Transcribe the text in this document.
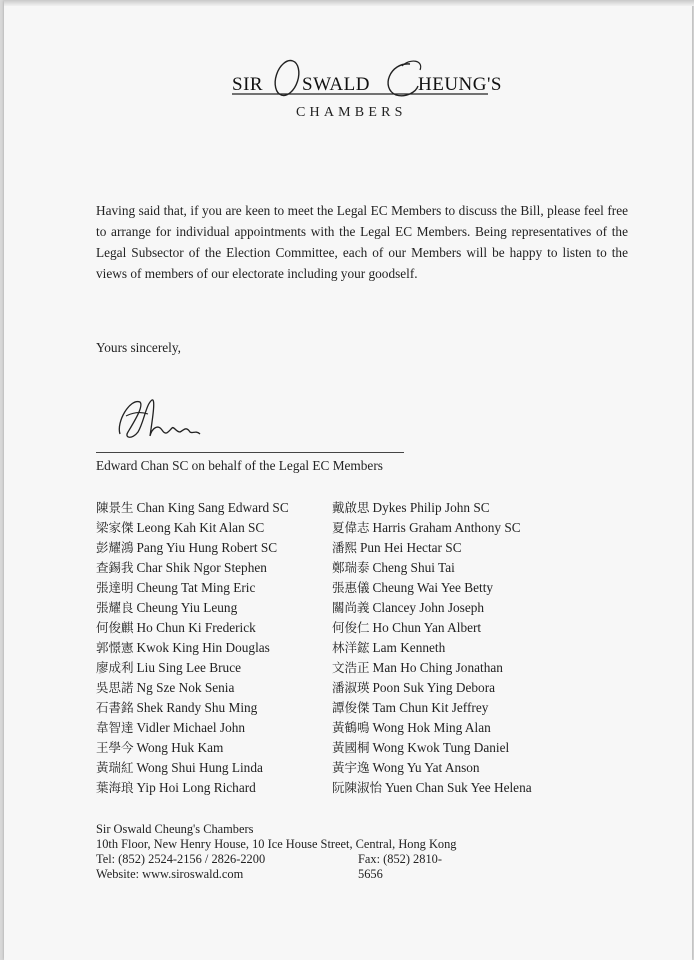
SIR SWALD	HEUNG'S
CHAMBERS
Having said that, if you are keen to meet the Legal EC Members to discuss the Bill, please feel free to arrange for individual appointments with the Legal EC Members. Being representatives of the Legal Subsector of the Election Committee, each of our Members will be happy to listen to the views of members of our electorate including your goodself.
Yours sincerely,
Edward Chan SC on behalf of the Legal EC Members
陳景生 Chan King Sang Edward SC
梁家傑 Leong Kah Kit Alan SC
彭耀鴻 Pang Yiu Hung Robert SC
查錫我 Char Shik Ngor Stephen
張達明 Cheung Tat Ming Eric
張耀良 Cheung Yiu Leung
何俊麒 Ho Chun Ki Frederick
郭憬憲 Kwok King Hin Douglas
廖成利 Liu Sing Lee Bruce
吳思諾 Ng Sze Nok Senia
石書銘 Shek Randy Shu Ming
韋智達 Vidler Michael John
王學今 Wong Huk Kam
黃瑞紅 Wong Shui Hung Linda
葉海琅 Yip Hoi Long Richard
戴啟思 Dykes Philip John SC
夏偉志 Harris Graham Anthony SC
潘熙 Pun Hei Hectar SC
鄭瑞泰 Cheng Shui Tai
張惠儀 Cheung Wai Yee Betty
關尚義 Clancey John Joseph
何俊仁 Ho Chun Yan Albert
林洋鋐 Lam Kenneth
文浩正 Man Ho Ching Jonathan
潘淑瑛 Poon Suk Ying Debora
譚俊傑 Tam Chun Kit Jeffrey
黃鶴鳴 Wong Hok Ming Alan
黃國桐 Wong Kwok Tung Daniel
黃宇逸 Wong Yu Yat Anson
阮陳淑怡 Yuen Chan Suk Yee Helena
Sir Oswald Cheung's Chambers
10th Floor, New Henry House, 10 Ice House Street, Central, Hong Kong
Tel: (852) 2524-2156 / 2826-2200	Fax: (852) 2810-5656
Website: www.siroswald.com
